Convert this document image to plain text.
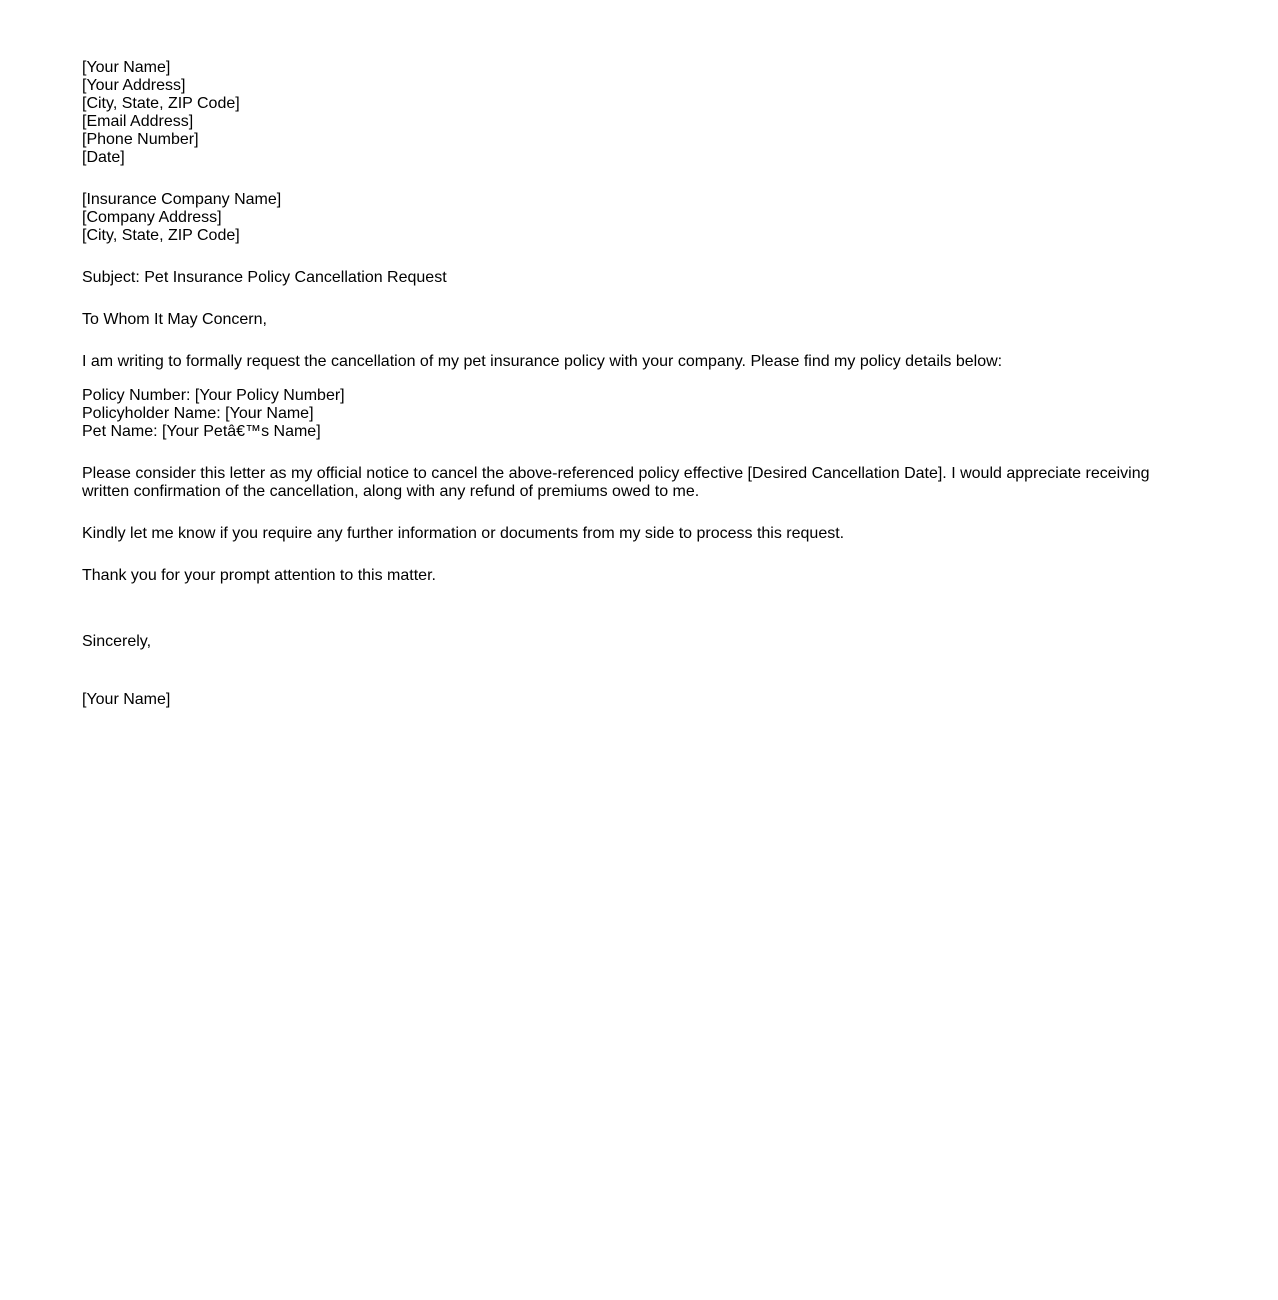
[Your Name]
[Your Address]
[City, State, ZIP Code]
[Email Address]
[Phone Number]
[Date]
[Insurance Company Name]
[Company Address]
[City, State, ZIP Code]
Subject: Pet Insurance Policy Cancellation Request
To Whom It May Concern,

I am writing to formally request the cancellation of my pet insurance policy with your company. Please find my policy details below:

Policy Number: [Your Policy Number]
Policyholder Name: [Your Name]
Pet Name: [Your Petâ€™s Name]

Please consider this letter as my official notice to cancel the above-referenced policy effective [Desired Cancellation Date]. I would appreciate receiving written confirmation of the cancellation, along with any refund of premiums owed to me.

Kindly let me know if you require any further information or documents from my side to process this request.

Thank you for your prompt attention to this matter.

Sincerely,
[Your Name]
